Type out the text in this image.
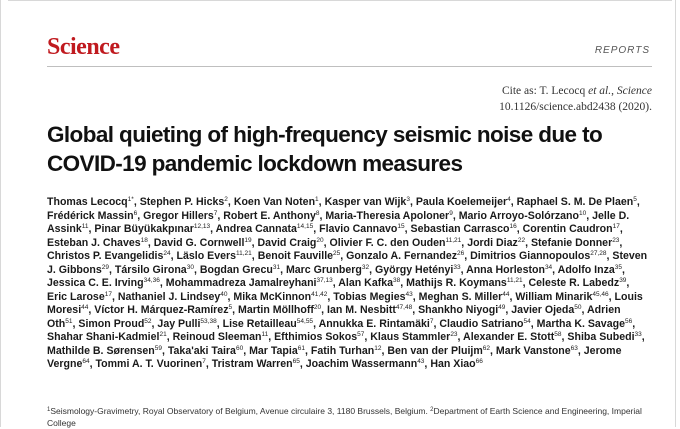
Science	REPORTS
Cite as: T. Lecocq et al., Science
10.1126/science.abd2438 (2020).
Global quieting of high-frequency seismic noise due to
COVID-19 pandemic lockdown measures
Thomas Lecocq$^{1*}$, Stephen P. Hicks$^2$, Koen Van Noten$^1$, Kasper van Wijk$^3$, Paula Koelemeijer$^4$, Raphael S. M. De Plaen$^5$, Frédérick Massin$^6$, Gregor Hillers$^7$, Robert E. Anthony$^8$, Maria-Theresia Apoloner$^9$, Mario Arroyo-Solórzano$^{10}$, Jelle D. Assink$^{11}$, Pinar Büyükakpınar$^{12,13}$, Andrea Cannata$^{14,15}$, Flavio Cannavo$^{15}$, Sebastian Carrasco$^{16}$, Corentin Caudron$^{17}$, Esteban J. Chaves$^{18}$, David G. Cornwell$^{19}$, David Craig$^{20}$, Olivier F. C. den Ouden$^{11,21}$, Jordi Diaz$^{22}$, Stefanie Donner$^{23}$, Christos P. Evangelidis$^{24}$, Läslo Evers$^{11,21}$, Benoit Fauville$^{25}$, Gonzalo A. Fernandez$^{26}$, Dimitrios Giannopoulos$^{27,28}$, Steven J. Gibbons$^{29}$, Társilo Girona$^{30}$, Bogdan Grecu$^{31}$, Marc Grunberg$^{32}$, György Hetényi$^{33}$, Anna Horleston$^{34}$, Adolfo Inza$^{35}$, Jessica C. E. Irving$^{34,36}$, Mohammadreza Jamalreyhani$^{37,13}$, Alan Kafka$^{38}$, Mathijs R. Koymans$^{11,21}$, Celeste R. Labedz$^{39}$, Eric Larose$^{17}$, Nathaniel J. Lindsey$^{40}$, Mika McKinnon$^{41,42}$, Tobias Megies$^{43}$, Meghan S. Miller$^{44}$, William Minarik$^{45,46}$, Louis Moresi$^{44}$, Víctor H. Márquez-Ramírez$^5$, Martin Möllhoff$^{20}$, Ian M. Nesbitt$^{47,48}$, Shankho Niyogi$^{49}$, Javier Ojeda$^{50}$, Adrien Oth$^{51}$, Simon Proud$^{52}$, Jay Pulli$^{53,38}$, Lise Retailleau$^{54,55}$, Annukka E. Rintamäki$^7$, Claudio Satriano$^{54}$, Martha K. Savage$^{56}$, Shahar Shani-Kadmiel$^{21}$, Reinoud Sleeman$^{11}$, Efthimios Sokos$^{57}$, Klaus Stammler$^{23}$, Alexander E. Stott$^{58}$, Shiba Subedi$^{33}$, Mathilde B. Sørensen$^{59}$, Taka'aki Taira$^{60}$, Mar Tapia$^{61}$, Fatih Turhan$^{12}$, Ben van der Pluijm$^{62}$, Mark Vanstone$^{63}$, Jerome Vergne$^{64}$, Tommi A. T. Vuorinen$^7$, Tristram Warren$^{65}$, Joachim Wassermann$^{43}$, Han Xiao$^{66}$
$^1$Seismology-Gravimetry, Royal Observatory of Belgium, Avenue circulaire 3, 1180 Brussels, Belgium. $^2$Department of Earth Science and Engineering, Imperial College
